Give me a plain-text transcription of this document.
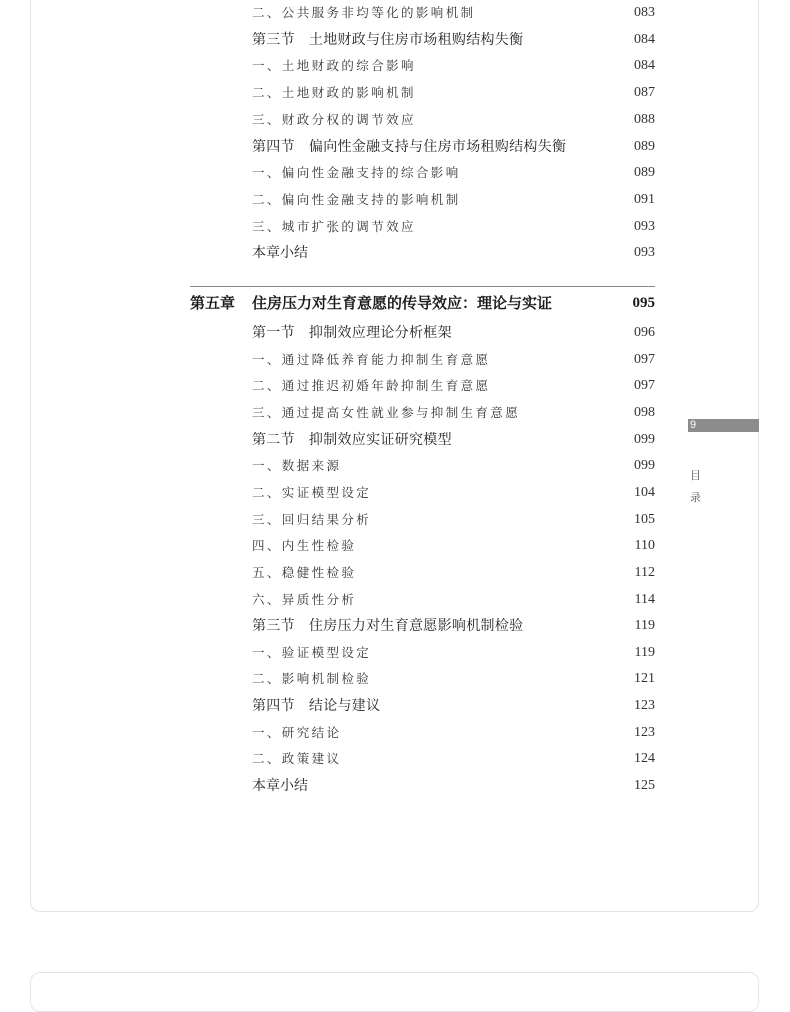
二、公共服务非均等化的影响机制	083
第三节 土地财政与住房市场租购结构失衡	084
一、土地财政的综合影响	084
二、土地财政的影响机制	087
三、财政分权的调节效应	088
第四节 偏向性金融支持与住房市场租购结构失衡	089
一、偏向性金融支持的综合影响	089
二、偏向性金融支持的影响机制	091
三、城市扩张的调节效应	093
本章小结	093
第五章 住房压力对生育意愿的传导效应：理论与实证	095
第一节 抑制效应理论分析框架	096
一、通过降低养育能力抑制生育意愿	097
二、通过推迟初婚年龄抑制生育意愿	097
三、通过提高女性就业参与抑制生育意愿	098
第二节 抑制效应实证研究模型	099
一、数据来源	099
二、实证模型设定	104
三、回归结果分析	105
四、内生性检验	110
五、稳健性检验	112
六、异质性分析	114
第三节 住房压力对生育意愿影响机制检验	119
一、验证模型设定	119
二、影响机制检验	121
第四节 结论与建议	123
一、研究结论	123
二、政策建议	124
本章小结	125
9
目
录
